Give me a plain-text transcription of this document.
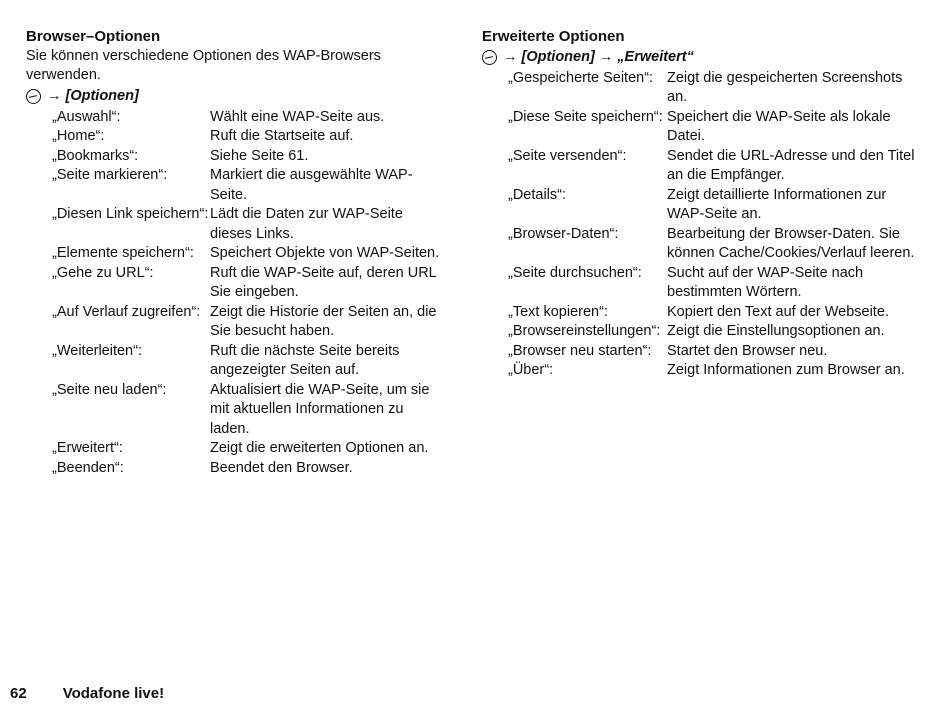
Browser–Optionen

Sie können verschiedene Optionen des WAP-Browsers verwenden.

→ [Optionen]
„Auswahl“:	Wählt eine WAP-Seite aus.
„Home“:	Ruft die Startseite auf.
„Bookmarks“:	Siehe Seite 61.
„Seite markieren“:	Markiert die ausgewählte WAP-Seite.
„Diesen Link speichern“: Lädt die Daten zur WAP-Seite dieses Links.
„Elemente speichern“:	Speichert Objekte von WAP-Seiten.
„Gehe zu URL“:	Ruft die WAP-Seite auf, deren URL Sie eingeben.
„Auf Verlauf zugreifen“: Zeigt die Historie der Seiten an, die Sie besucht haben.
„Weiterleiten“:	Ruft die nächste Seite bereits angezeigter Seiten auf.
„Seite neu laden“:	Aktualisiert die WAP-Seite, um sie mit aktuellen Informationen zu laden.
„Erweitert“:	Zeigt die erweiterten Optionen an.
„Beenden“:	Beendet den Browser.

Erweiterte Optionen

→ [Optionen] → „Erweitert“
„Gespeicherte Seiten“: Zeigt die gespeicherten Screenshots an.
„Diese Seite speichern“: Speichert die WAP-Seite als lokale Datei.
„Seite versenden“:	Sendet die URL-Adresse und den Titel an die Empfänger.
„Details“:	Zeigt detaillierte Informationen zur WAP-Seite an.
„Browser-Daten“:	Bearbeitung der Browser-Daten. Sie können Cache/Cookies/Verlauf leeren.
„Seite durchsuchen“:	Sucht auf der WAP-Seite nach bestimmten Wörtern.
„Text kopieren“:	Kopiert den Text auf der Webseite.
„Browsereinstellungen“: Zeigt die Einstellungsoptionen an.
„Browser neu starten“:	Startet den Browser neu.
„Über“:	Zeigt Informationen zum Browser an.
62 Vodafone live!
